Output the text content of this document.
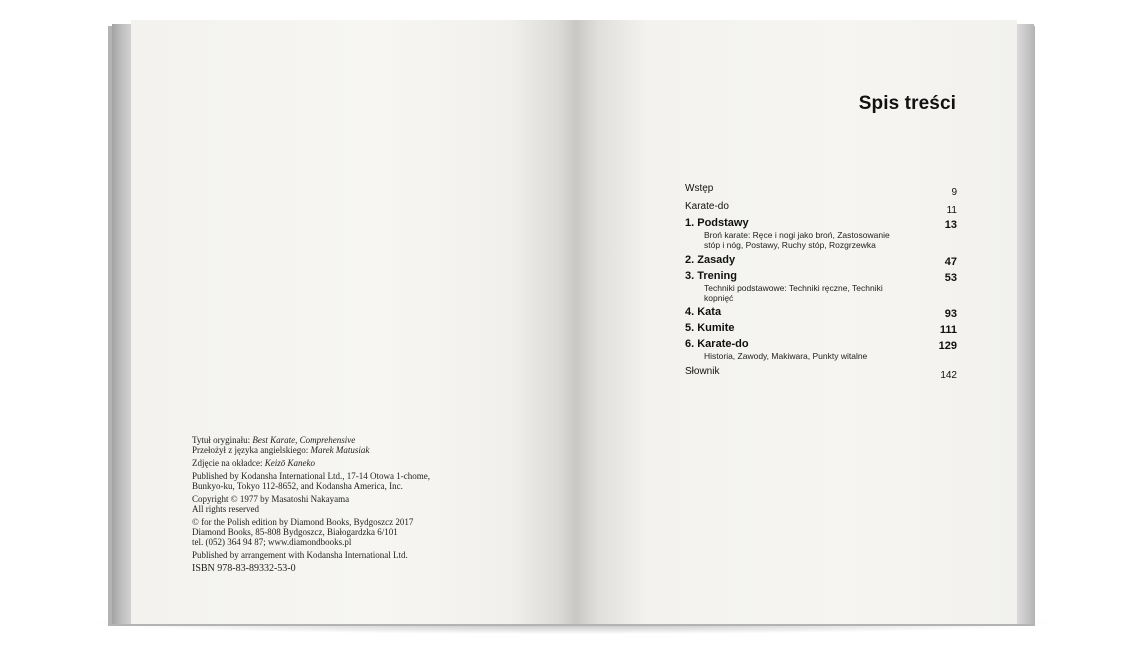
Tytuł oryginału: Best Karate, Comprehensive
Przełożył z języka angielskiego: Marek Matusiak
Zdjęcie na okładce: Keizō Kaneko
Published by Kodansha International Ltd., 17-14 Otowa 1-chome,
Bunkyo-ku, Tokyo 112-8652, and Kodansha America, Inc.
Copyright © 1977 by Masatoshi Nakayama
All rights reserved
© for the Polish edition by Diamond Books, Bydgoszcz 2017
Diamond Books, 85-808 Bydgoszcz, Białogardzka 6/101
tel. (052) 364 94 87; www.diamondbooks.pl
Published by arrangement with Kodansha International Ltd.
ISBN 978-83-89332-53-0
Spis treści
Wstęp	9
Karate-do	11
1. Podstawy	13
Broń karate: Ręce i nogi jako broń, Zastosowanie stóp i nóg, Postawy, Ruchy stóp, Rozgrzewka
2. Zasady	47
3. Trening	53
Techniki podstawowe: Techniki ręczne, Techniki kopnięć
4. Kata	93
5. Kumite	111
6. Karate-do	129
Historia, Zawody, Makiwara, Punkty witalne
Słownik	142
